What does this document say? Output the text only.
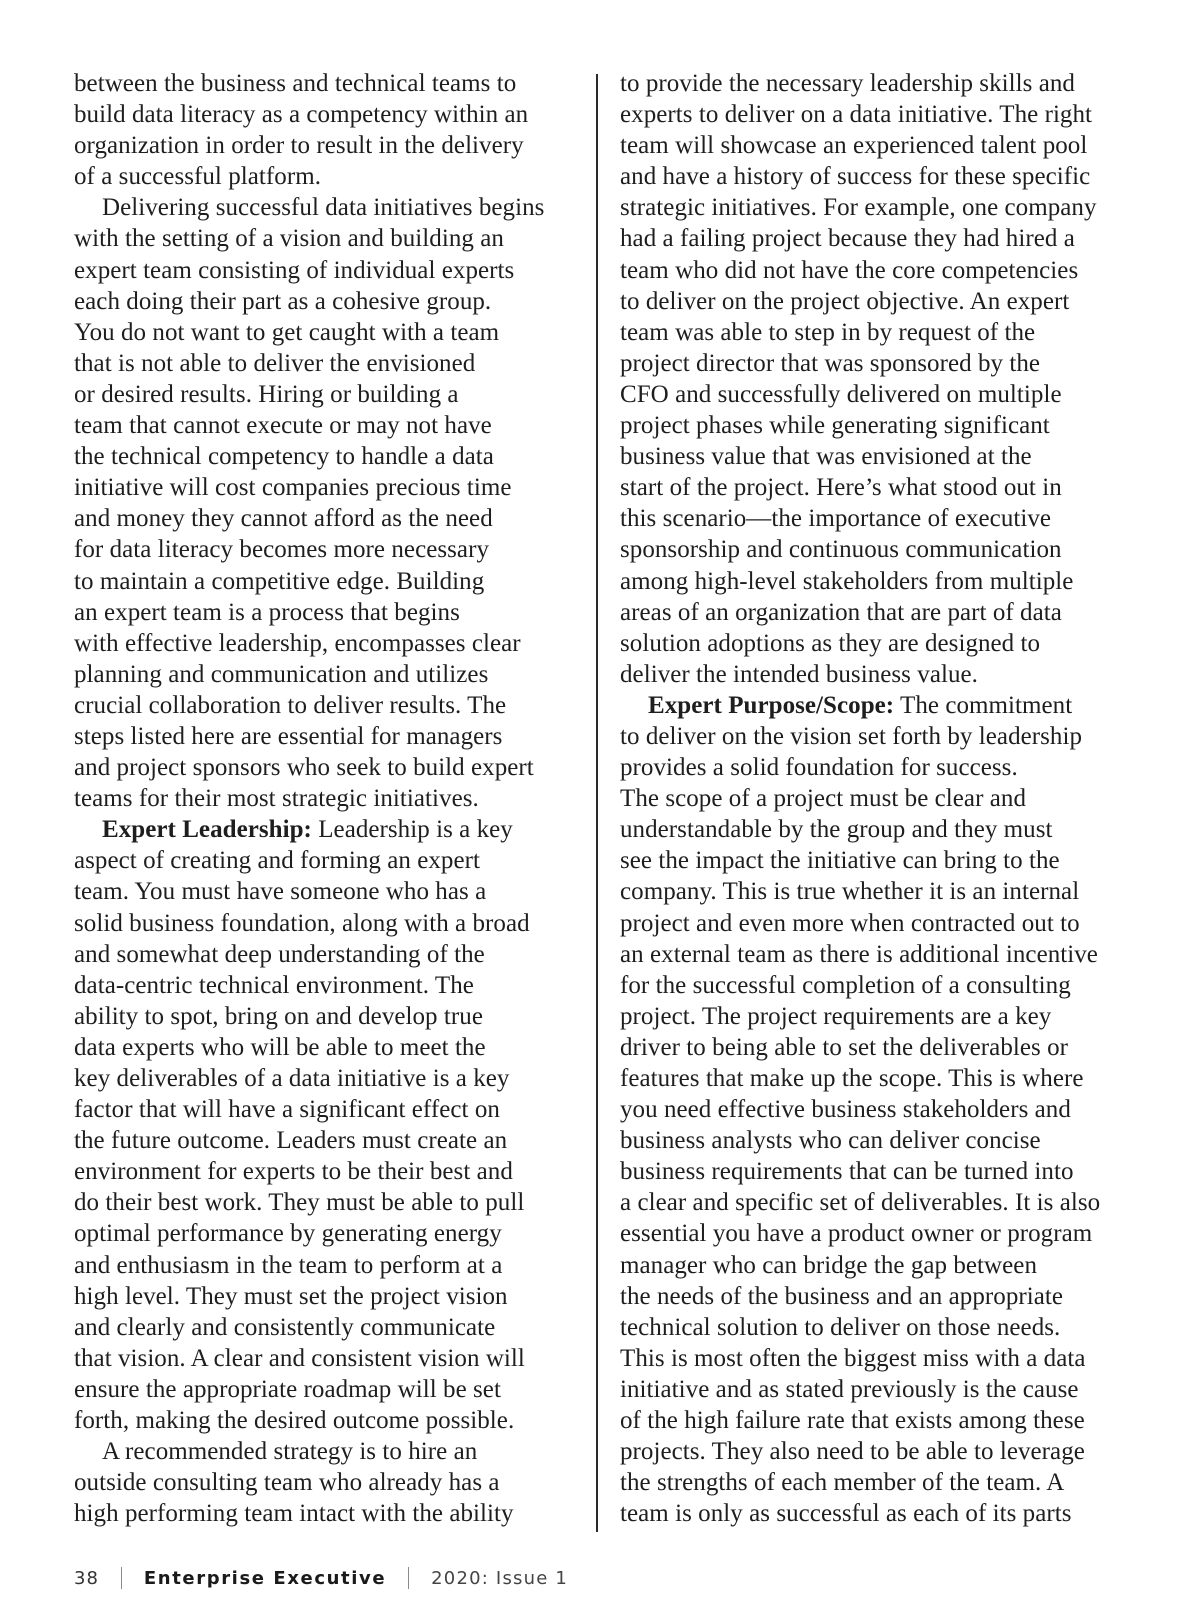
between the business and technical teams to
build data literacy as a competency within an
organization in order to result in the delivery
of a successful platform.
Delivering successful data initiatives begins
with the setting of a vision and building an
expert team consisting of individual experts
each doing their part as a cohesive group.
You do not want to get caught with a team
that is not able to deliver the envisioned
or desired results. Hiring or building a
team that cannot execute or may not have
the technical competency to handle a data
initiative will cost companies precious time
and money they cannot afford as the need
for data literacy becomes more necessary
to maintain a competitive edge. Building
an expert team is a process that begins
with effective leadership, encompasses clear
planning and communication and utilizes
crucial collaboration to deliver results. The
steps listed here are essential for managers
and project sponsors who seek to build expert
teams for their most strategic initiatives.
Expert Leadership: Leadership is a key
aspect of creating and forming an expert
team. You must have someone who has a
solid business foundation, along with a broad
and somewhat deep understanding of the
data-centric technical environment. The
ability to spot, bring on and develop true
data experts who will be able to meet the
key deliverables of a data initiative is a key
factor that will have a significant effect on
the future outcome. Leaders must create an
environment for experts to be their best and
do their best work. They must be able to pull
optimal performance by generating energy
and enthusiasm in the team to perform at a
high level. They must set the project vision
and clearly and consistently communicate
that vision. A clear and consistent vision will
ensure the appropriate roadmap will be set
forth, making the desired outcome possible.
A recommended strategy is to hire an
outside consulting team who already has a
high performing team intact with the ability
to provide the necessary leadership skills and
experts to deliver on a data initiative. The right
team will showcase an experienced talent pool
and have a history of success for these specific
strategic initiatives. For example, one company
had a failing project because they had hired a
team who did not have the core competencies
to deliver on the project objective. An expert
team was able to step in by request of the
project director that was sponsored by the
CFO and successfully delivered on multiple
project phases while generating significant
business value that was envisioned at the
start of the project. Here’s what stood out in
this scenario—the importance of executive
sponsorship and continuous communication
among high-level stakeholders from multiple
areas of an organization that are part of data
solution adoptions as they are designed to
deliver the intended business value.
Expert Purpose/Scope: The commitment
to deliver on the vision set forth by leadership
provides a solid foundation for success.
The scope of a project must be clear and
understandable by the group and they must
see the impact the initiative can bring to the
company. This is true whether it is an internal
project and even more when contracted out to
an external team as there is additional incentive
for the successful completion of a consulting
project. The project requirements are a key
driver to being able to set the deliverables or
features that make up the scope. This is where
you need effective business stakeholders and
business analysts who can deliver concise
business requirements that can be turned into
a clear and specific set of deliverables. It is also
essential you have a product owner or program
manager who can bridge the gap between
the needs of the business and an appropriate
technical solution to deliver on those needs.
This is most often the biggest miss with a data
initiative and as stated previously is the cause
of the high failure rate that exists among these
projects. They also need to be able to leverage
the strengths of each member of the team. A
team is only as successful as each of its parts
38	Enterprise Executive	2020: Issue 1
